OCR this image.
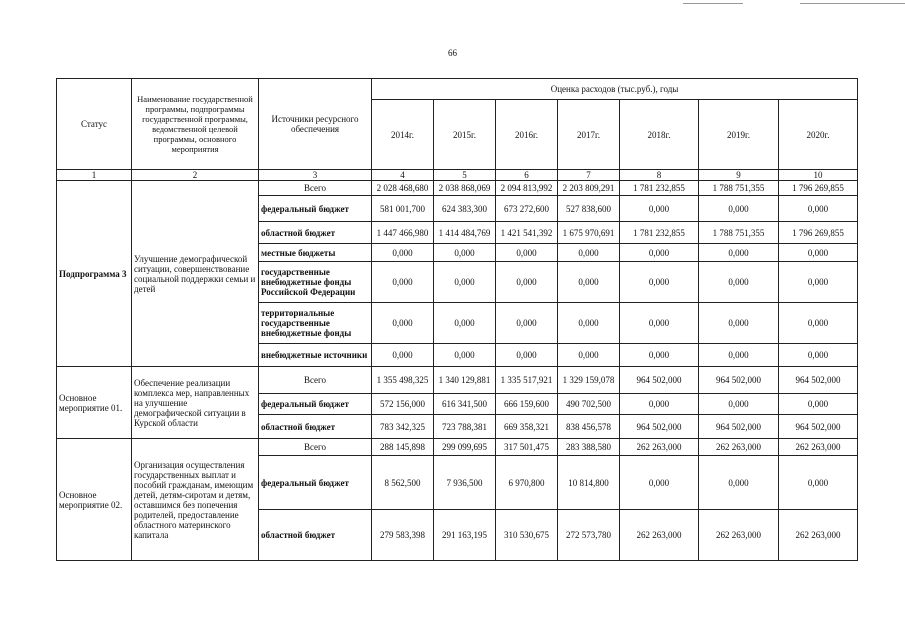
66
Статус	Наименование государственной программы, подпрограммы государственной программы, ведомственной целевой программы, основного мероприятия	Источники ресурсного обеспечения	Оценка расходов (тыс.руб.), годы						
			2014г.	2015г.	2016г.	2017г.	2018г.	2019г.	2020г.
1	2	3	4	5	6	7	8	9	10
Подпрограмма 3	Улучшение демографической ситуации, совершенствование социальной поддержки семьи и детей	Всего	2 028 468,680	2 038 868,069	2 094 813,992	2 203 809,291	1 781 232,855	1 788 751,355	1 796 269,855
		федеральный бюджет	581 001,700	624 383,300	673 272,600	527 838,600	0,000	0,000	0,000
		областной бюджет	1 447 466,980	1 414 484,769	1 421 541,392	1 675 970,691	1 781 232,855	1 788 751,355	1 796 269,855
		местные бюджеты	0,000	0,000	0,000	0,000	0,000	0,000	0,000
		государственные внебюджетные фонды Российской Федерации	0,000	0,000	0,000	0,000	0,000	0,000	0,000
		территориальные государственные внебюджетные фонды	0,000	0,000	0,000	0,000	0,000	0,000	0,000
		внебюджетные источники	0,000	0,000	0,000	0,000	0,000	0,000	0,000
Основное мероприятие 01.	Обеспечение реализации комплекса мер, направленных на улучшение демографической ситуации в Курской области	Всего	1 355 498,325	1 340 129,881	1 335 517,921	1 329 159,078	964 502,000	964 502,000	964 502,000
		федеральный бюджет	572 156,000	616 341,500	666 159,600	490 702,500	0,000	0,000	0,000
		областной бюджет	783 342,325	723 788,381	669 358,321	838 456,578	964 502,000	964 502,000	964 502,000
Основное мероприятие 02.	Организация осуществления государственных выплат и пособий гражданам, имеющим детей, детям-сиротам и детям, оставшимся без попечения родителей, предоставление областного материнского капитала	Всего	288 145,898	299 099,695	317 501,475	283 388,580	262 263,000	262 263,000	262 263,000
		федеральный бюджет	8 562,500	7 936,500	6 970,800	10 814,800	0,000	0,000	0,000
		областной бюджет	279 583,398	291 163,195	310 530,675	272 573,780	262 263,000	262 263,000	262 263,000
